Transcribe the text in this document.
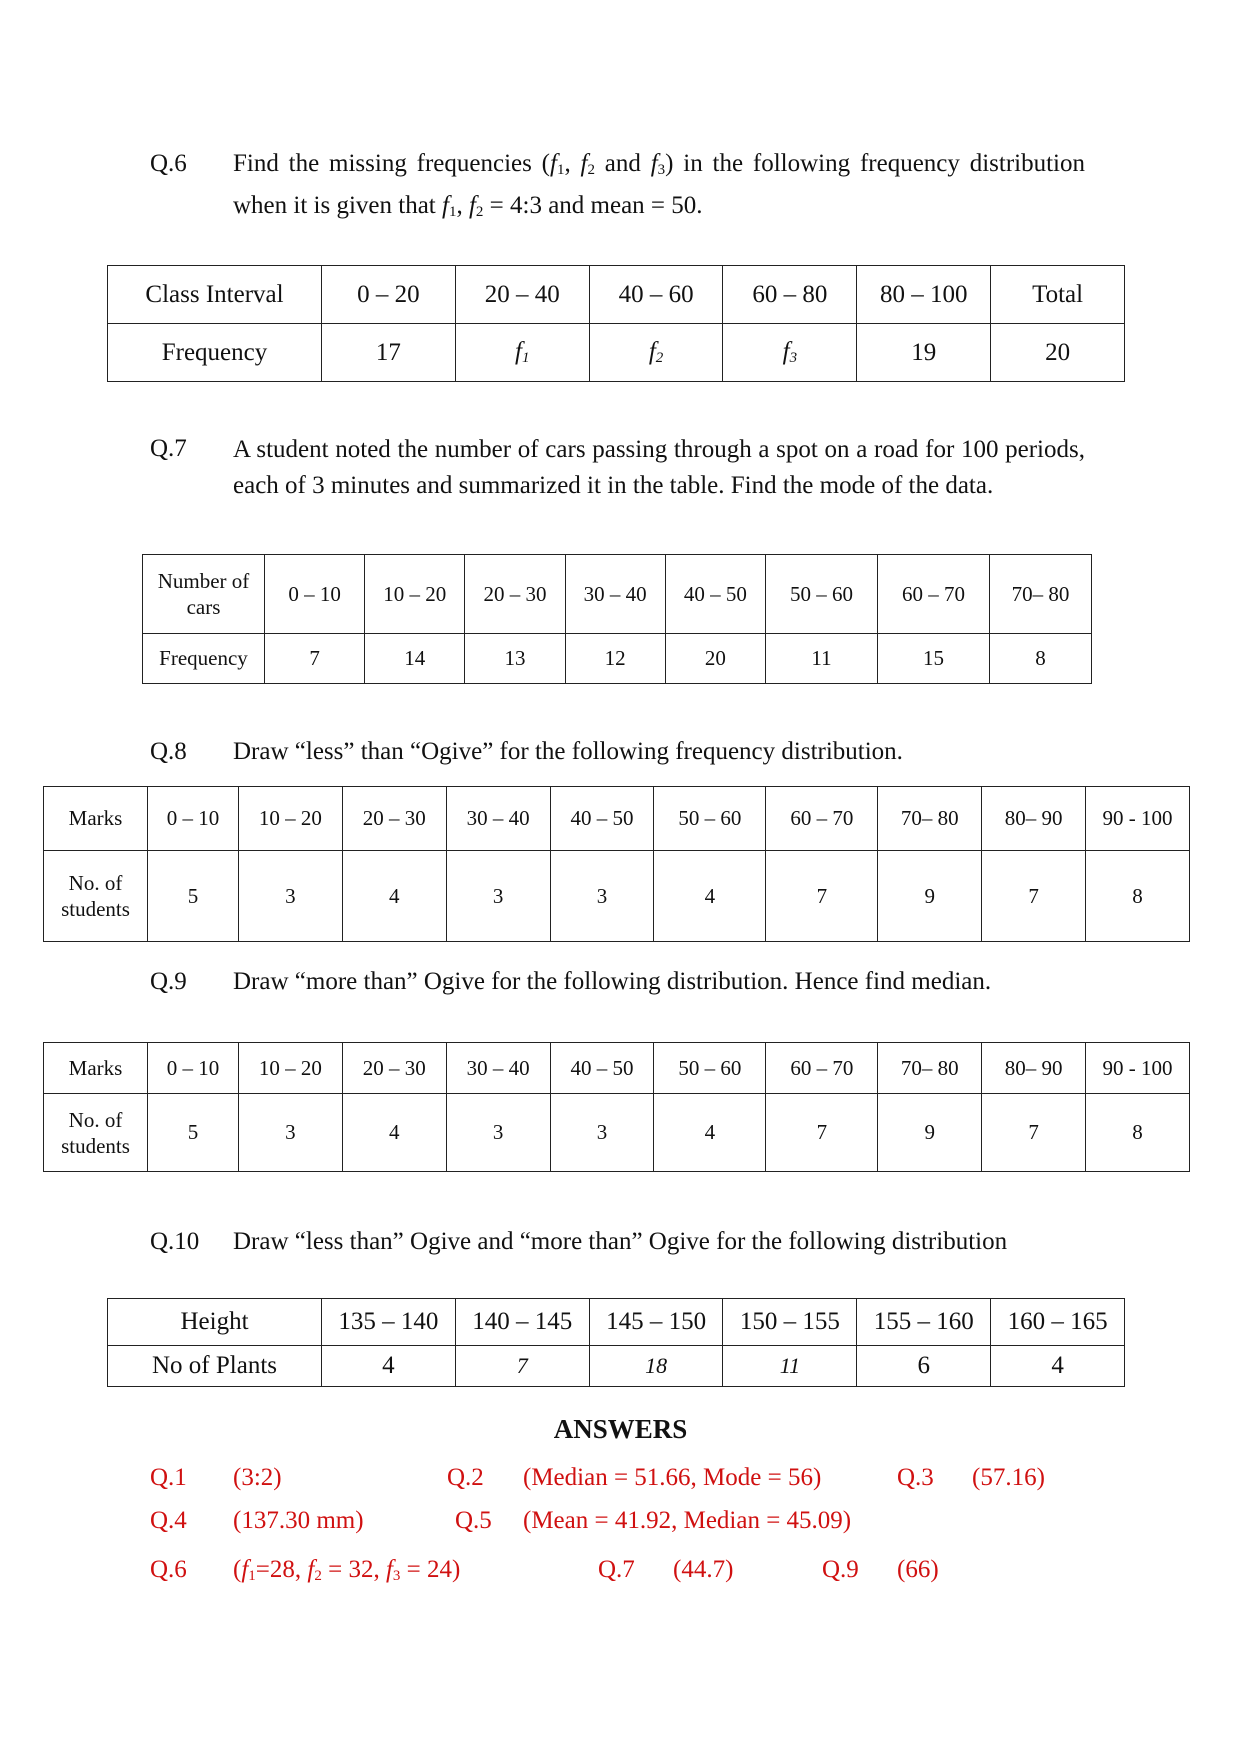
Q.6 Find the missing frequencies ($f_1$, $f_2$ and $f_3$) in the following frequency distribution when it is given that $f_1$, $f_2$ = 4:3 and mean = 50.
Class Interval	0 – 20	20 – 40	40 – 60	60 – 80	80 – 100	Total
Frequency	17	$f_1$	$f_2$	$f_3$	19	20
Q.7 A student noted the number of cars passing through a spot on a road for 100 periods, each of 3 minutes and summarized it in the table. Find the mode of the data.
Number of cars	0 – 10	10 – 20	20 – 30	30 – 40	40 – 50	50 – 60	60 – 70	70– 80
Frequency	7	14	13	12	20	11	15	8
Q.8 Draw “less” than “Ogive” for the following frequency distribution.
Marks	0 – 10	10 – 20	20 – 30	30 – 40	40 – 50	50 – 60	60 – 70	70– 80	80– 90	90 - 100
No. of students	5	3	4	3	3	4	7	9	7	8
Q.9 Draw “more than” Ogive for the following distribution. Hence find median.
Marks	0 – 10	10 – 20	20 – 30	30 – 40	40 – 50	50 – 60	60 – 70	70– 80	80– 90	90 - 100
No. of students	5	3	4	3	3	4	7	9	7	8
Q.10 Draw “less than” Ogive and “more than” Ogive for the following distribution
Height	135 – 140	140 – 145	145 – 150	150 – 155	155 – 160	160 – 165
No of Plants	4	7	18	11	6	4
ANSWERS
Q.1 (3:2)	Q.2 (Median = 51.66, Mode = 56)	Q.3 (57.16)
Q.4 (137.30 mm)	Q.5 (Mean = 41.92, Median = 45.09)
Q.6 ($f_1=28$, $f_2 = 32$, $f_3 = 24$)	Q.7 (44.7)	Q.9 (66)
